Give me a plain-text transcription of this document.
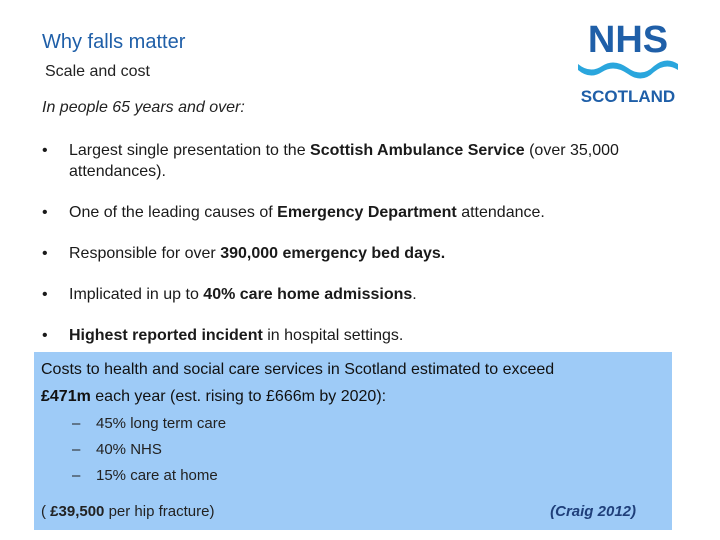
Why falls matter
Scale and cost
In people 65 years and over:
NHS
SCOTLAND
• Largest single presentation to the Scottish Ambulance Service (over 35,000 attendances).
• One of the leading causes of Emergency Department attendance.
• Responsible for over 390,000 emergency bed days.
• Implicated in up to 40% care home admissions.
• Highest reported incident in hospital settings.
Costs to health and social care services in Scotland estimated to exceed
£471m each year (est. rising to £666m by 2020):
– 45% long term care
– 40% NHS
– 15% care at home
( £39,500 per hip fracture)	(Craig 2012)
